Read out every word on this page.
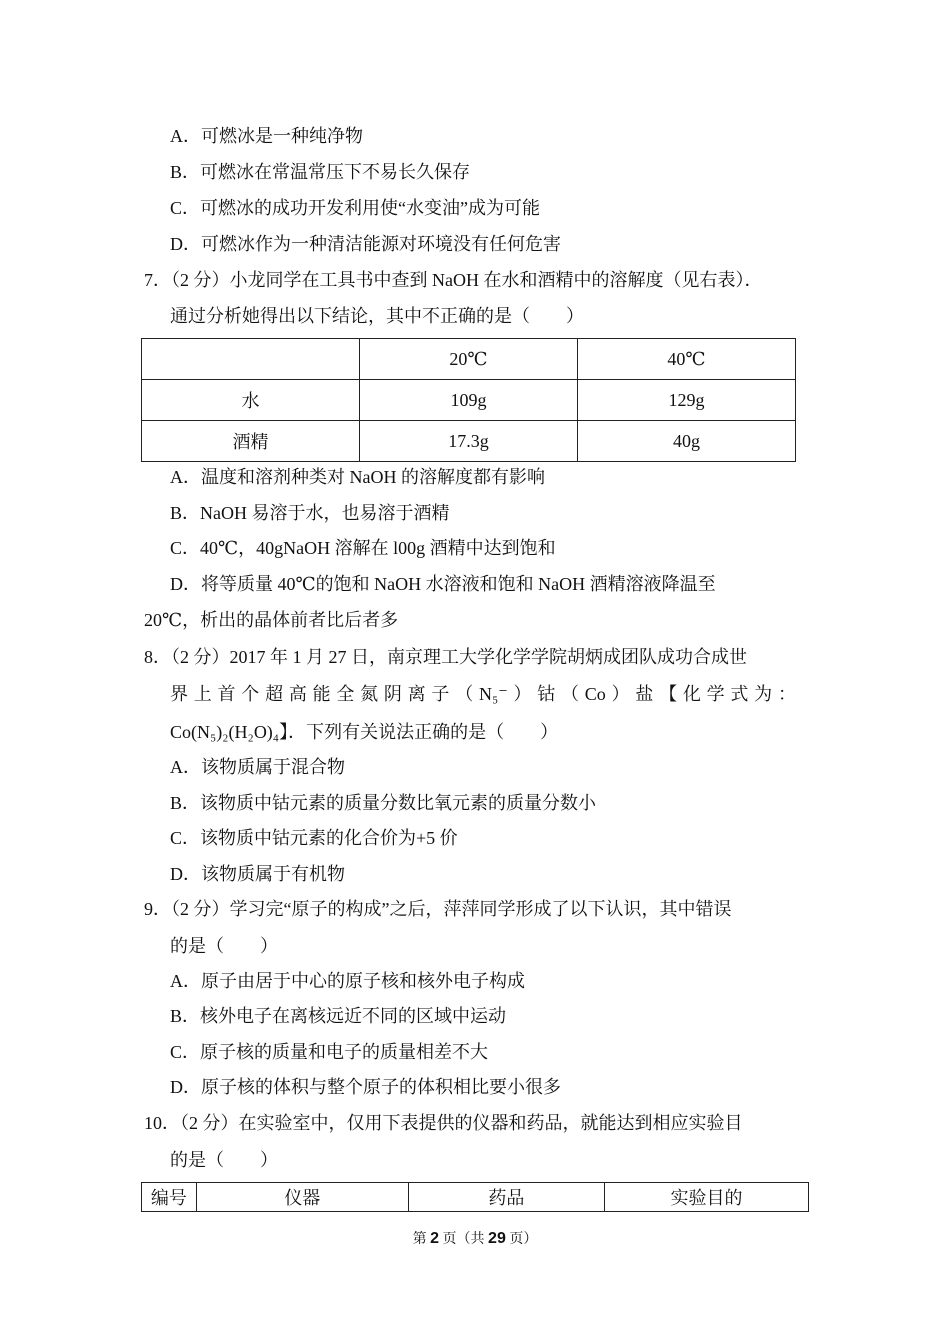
A．可燃冰是一种纯净物
B．可燃冰在常温常压下不易长久保存
C．可燃冰的成功开发利用使“水变油”成为可能
D．可燃冰作为一种清洁能源对环境没有任何危害
7．（2 分）小龙同学在工具书中查到 NaOH 在水和酒精中的溶解度（见右表）．
通过分析她得出以下结论，其中不正确的是（　　）
	20℃	40℃
水	109g	129g
酒精	17.3g	40g
A．温度和溶剂种类对 NaOH 的溶解度都有影响
B．NaOH 易溶于水，也易溶于酒精
C．40℃，40gNaOH 溶解在 l00g 酒精中达到饱和
D．将等质量 40℃的饱和 NaOH 水溶液和饱和 NaOH 酒精溶液降温至
20℃，析出的晶体前者比后者多
8．（2 分）2017 年 1 月 27 日，南京理工大学化学学院胡炳成团队成功合成世
界 上 首 个 超 高 能 全 氮 阴 离 子 （ N₅⁻ ） 钴 （ Co ） 盐 【 化 学 式 为 ：
Co(N₅)₂(H₂O)₄】．下列有关说法正确的是（　　）
A．该物质属于混合物
B．该物质中钴元素的质量分数比氧元素的质量分数小
C．该物质中钴元素的化合价为+5 价
D．该物质属于有机物
9．（2 分）学习完“原子的构成”之后，萍萍同学形成了以下认识，其中错误
的是（　　）
A．原子由居于中心的原子核和核外电子构成
B．核外电子在离核远近不同的区域中运动
C．原子核的质量和电子的质量相差不大
D．原子核的体积与整个原子的体积相比要小很多
10．（2 分）在实验室中，仅用下表提供的仪器和药品，就能达到相应实验目
的是（　　）
编号	仪器	药品	实验目的
第 2 页（共 29 页）
